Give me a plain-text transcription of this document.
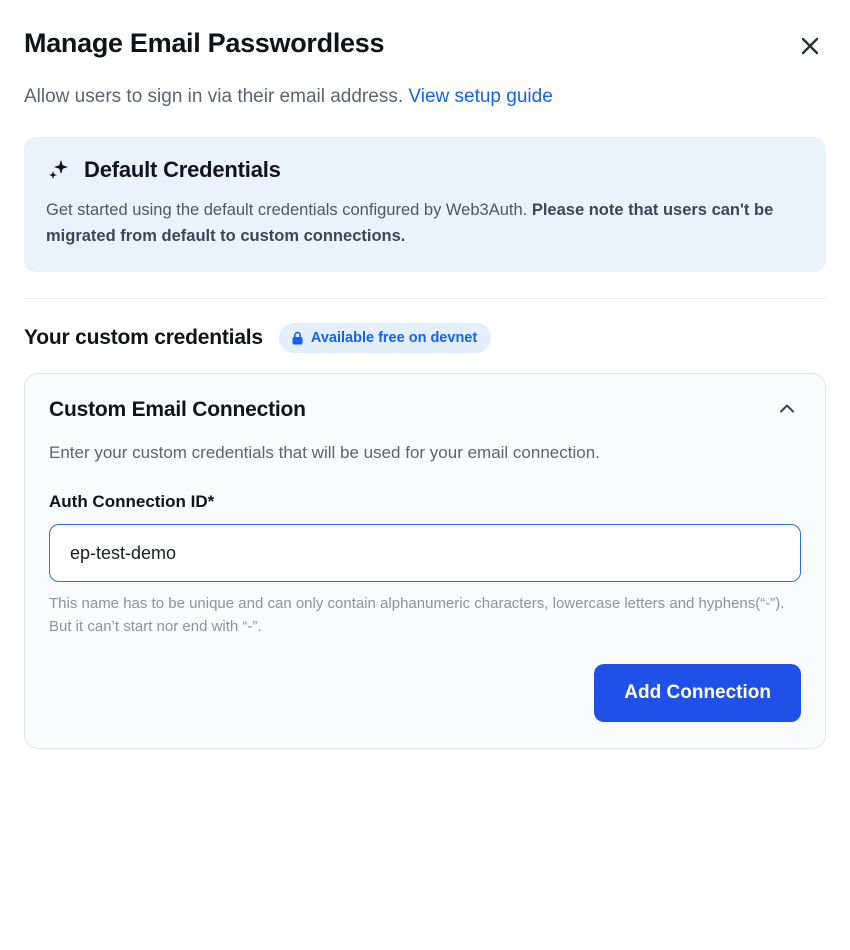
Manage Email Passwordless
Allow users to sign in via their email address. View setup guide
Default Credentials
Get started using the default credentials configured by Web3Auth. Please note that users can't be migrated from default to custom connections.
Your custom credentials	Available free on devnet
Custom Email Connection
Enter your custom credentials that will be used for your email connection.
Auth Connection ID*
ep-test-demo
This name has to be unique and can only contain alphanumeric characters, lowercase letters and hyphens(“-”). But it can’t start nor end with “-”.
Add Connection
